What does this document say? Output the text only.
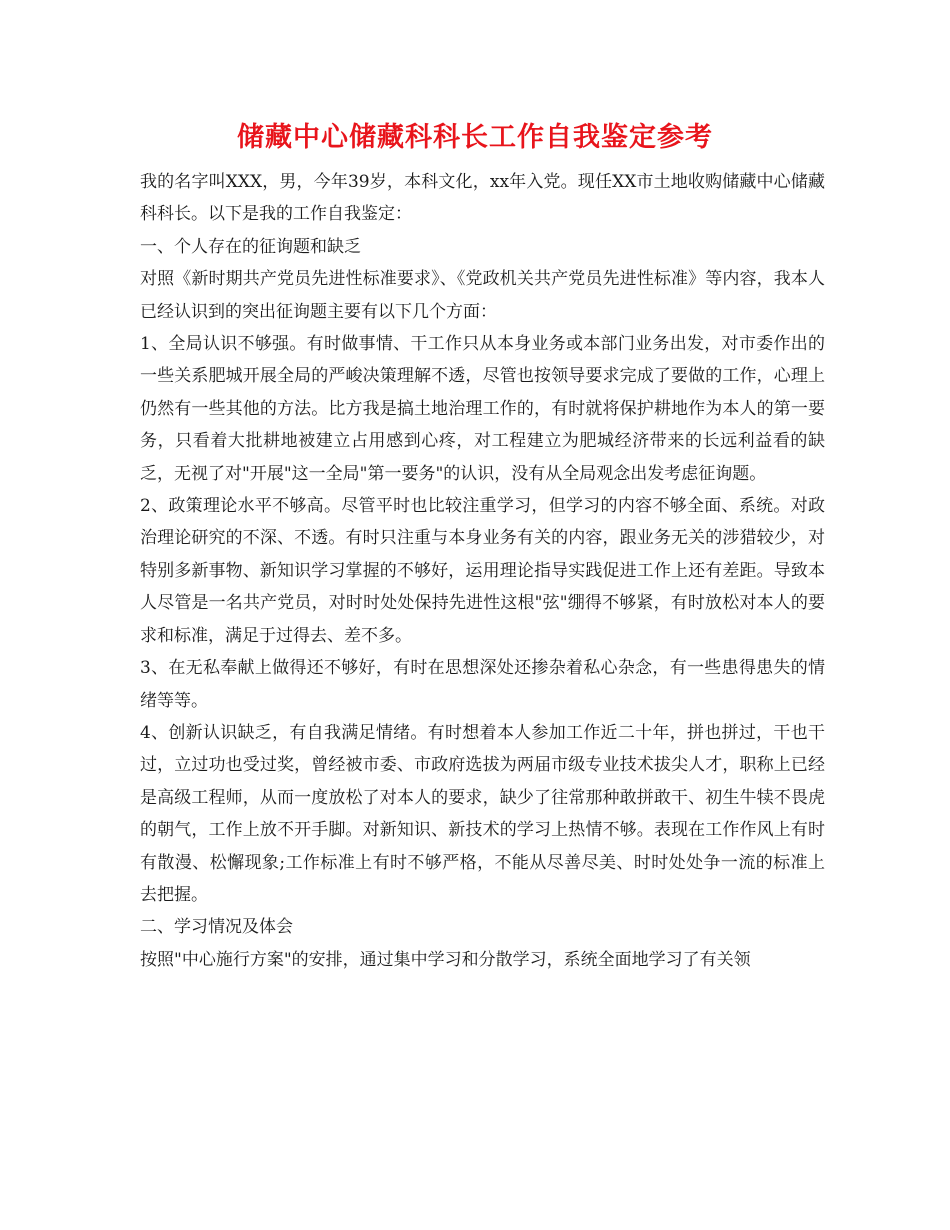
储藏中心储藏科科长工作自我鉴定参考

我的名字叫XXX，男，今年39岁，本科文化，xx年入党。现任XX市土地收购储藏中心储藏科科长。以下是我的工作自我鉴定：

一、个人存在的征询题和缺乏

对照《新时期共产党员先进性标准要求》、《党政机关共产党员先进性标准》等内容，我本人已经认识到的突出征询题主要有以下几个方面：

1、全局认识不够强。有时做事情、干工作只从本身业务或本部门业务出发，对市委作出的一些关系肥城开展全局的严峻决策理解不透，尽管也按领导要求完成了要做的工作，心理上仍然有一些其他的方法。比方我是搞土地治理工作的，有时就将保护耕地作为本人的第一要务，只看着大批耕地被建立占用感到心疼，对工程建立为肥城经济带来的长远利益看的缺乏，无视了对"开展"这一全局"第一要务"的认识，没有从全局观念出发考虑征询题。

2、政策理论水平不够高。尽管平时也比较注重学习，但学习的内容不够全面、系统。对政治理论研究的不深、不透。有时只注重与本身业务有关的内容，跟业务无关的涉猎较少，对特别多新事物、新知识学习掌握的不够好，运用理论指导实践促进工作上还有差距。导致本人尽管是一名共产党员，对时时处处保持先进性这根"弦"绷得不够紧，有时放松对本人的要求和标准，满足于过得去、差不多。

3、在无私奉献上做得还不够好，有时在思想深处还掺杂着私心杂念，有一些患得患失的情绪等等。

4、创新认识缺乏，有自我满足情绪。有时想着本人参加工作近二十年，拼也拼过，干也干过，立过功也受过奖，曾经被市委、市政府选拔为两届市级专业技术拔尖人才，职称上已经是高级工程师，从而一度放松了对本人的要求，缺少了往常那种敢拼敢干、初生牛犊不畏虎的朝气，工作上放不开手脚。对新知识、新技术的学习上热情不够。表现在工作作风上有时有散漫、松懈现象;工作标准上有时不够严格，不能从尽善尽美、时时处处争一流的标准上去把握。

二、学习情况及体会

按照"中心施行方案"的安排，通过集中学习和分散学习，系统全面地学习了有关领
